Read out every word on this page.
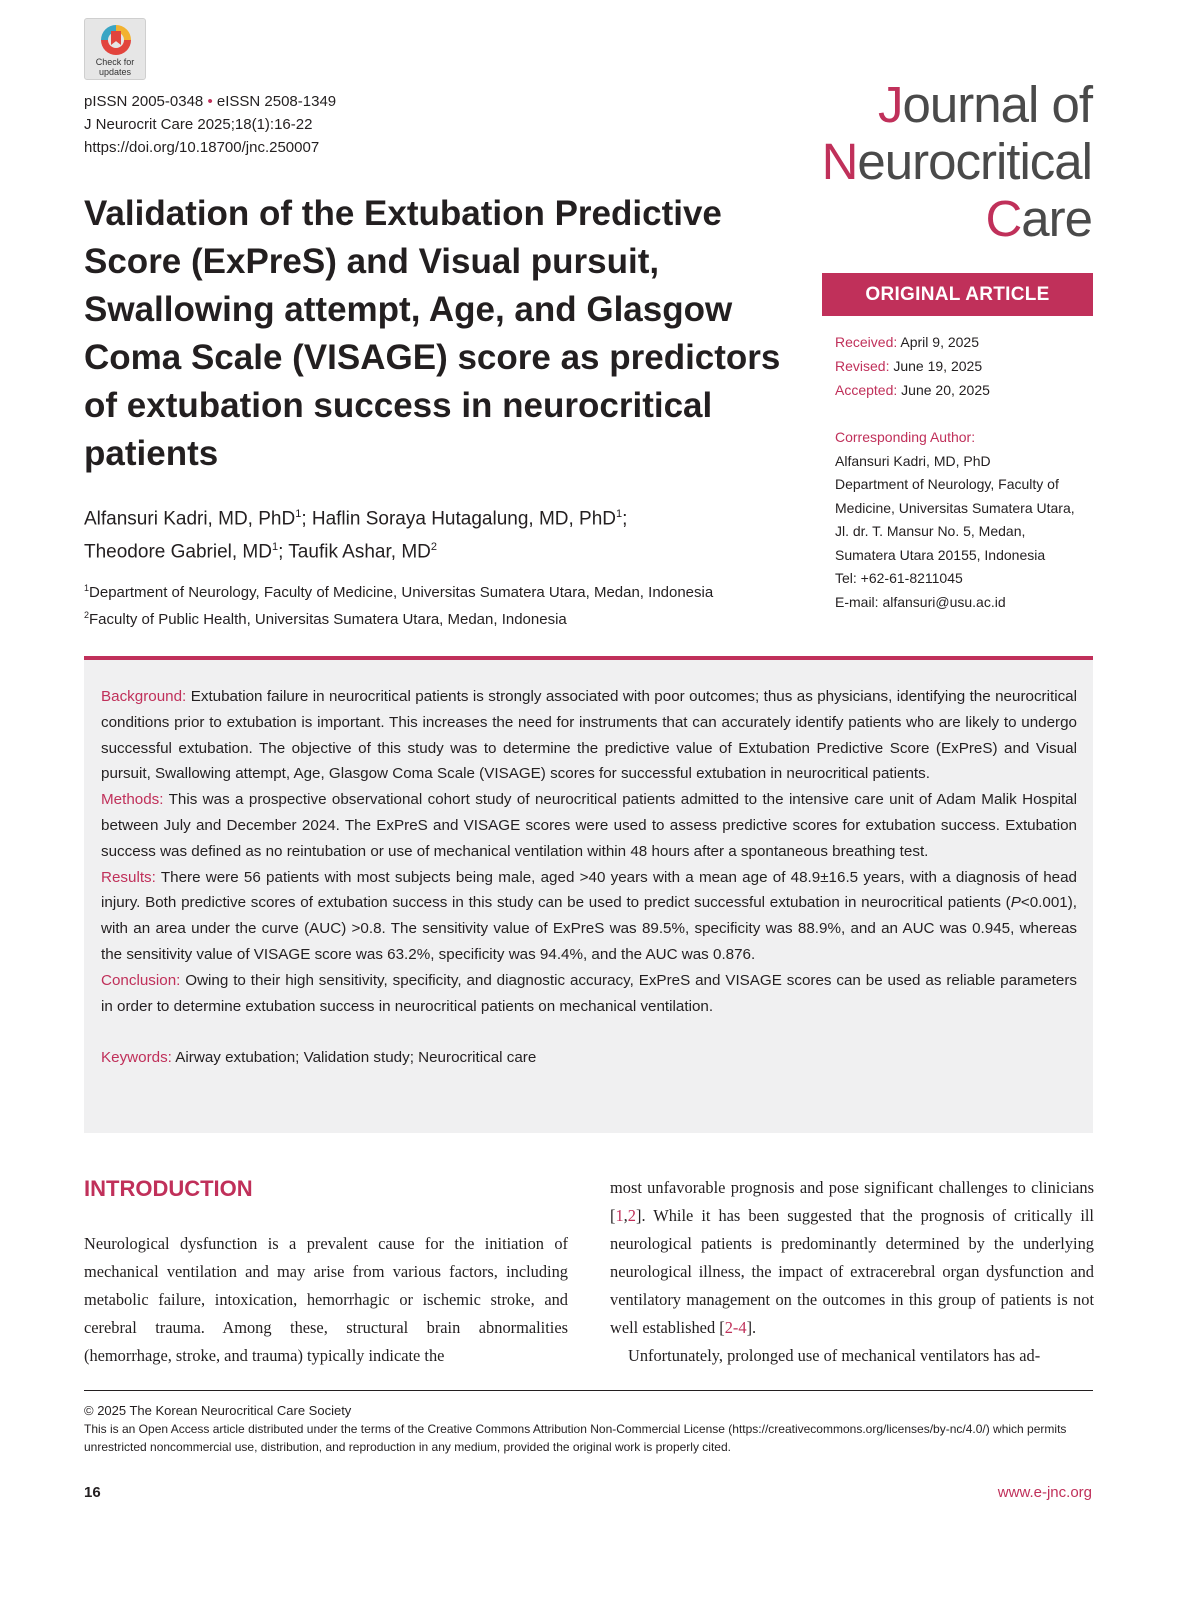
Check for updates
pISSN 2005-0348 • eISSN 2508-1349
J Neurocrit Care 2025;18(1):16-22
https://doi.org/10.18700/jnc.250007
Journal of
Neurocritical
Care
Validation of the Extubation Predictive Score (ExPreS) and Visual pursuit, Swallowing attempt, Age, and Glasgow Coma Scale (VISAGE) score as predictors of extubation success in neurocritical patients
Alfansuri Kadri, MD, PhD$^1$; Haflin Soraya Hutagalung, MD, PhD$^1$;
Theodore Gabriel, $MD^1$; Taufik Ashar, $MD^2$
$^1$Department of Neurology, Faculty of Medicine, Universitas Sumatera Utara, Medan, Indonesia
$^2$Faculty of Public Health, Universitas Sumatera Utara, Medan, Indonesia
ORIGINAL ARTICLE
Received: April 9, 2025
Revised: June 19, 2025
Accepted: June 20, 2025
Corresponding Author:
Alfansuri Kadri, MD, PhD
Department of Neurology, Faculty of
Medicine, Universitas Sumatera Utara,
Jl. dr. T. Mansur No. 5, Medan,
Sumatera Utara 20155, Indonesia
Tel: +62-61-8211045
E-mail: alfansuri@usu.ac.id

Background: Extubation failure in neurocritical patients is strongly associated with poor outcomes; thus as physicians, identifying the neurocritical conditions prior to extubation is important. This increases the need for instruments that can accurately identify patients who are likely to undergo successful extubation. The objective of this study was to determine the predictive value of Extubation Predictive Score (ExPreS) and Visual pursuit, Swallowing attempt, Age, Glasgow Coma Scale (VISAGE) scores for successful extubation in neurocritical patients.

Methods: This was a prospective observational cohort study of neurocritical patients admitted to the intensive care unit of Adam Malik Hospital between July and December 2024. The ExPreS and VISAGE scores were used to assess predictive scores for extubation success. Extubation success was defined as no reintubation or use of mechanical ventilation within 48 hours after a spontaneous breathing test.

Results: There were 56 patients with most subjects being male, aged >40 years with a mean age of 48.9±16.5 years, with a diagnosis of head injury. Both predictive scores of extubation success in this study can be used to predict successful extubation in neurocritical patients (P<0.001), with an area under the curve (AUC) >0.8. The sensitivity value of ExPreS was 89.5%, specificity was 88.9%, and an AUC was 0.945, whereas the sensitivity value of VISAGE score was 63.2%, specificity was 94.4%, and the AUC was 0.876.

Conclusion: Owing to their high sensitivity, specificity, and diagnostic accuracy, ExPreS and VISAGE scores can be used as reliable parameters in order to determine extubation success in neurocritical patients on mechanical ventilation.

Keywords: Airway extubation; Validation study; Neurocritical care

INTRODUCTION

Neurological dysfunction is a prevalent cause for the initiation of mechanical ventilation and may arise from various factors, including metabolic failure, intoxication, hemorrhagic or ischemic stroke, and cerebral trauma. Among these, structural brain abnormalities (hemorrhage, stroke, and trauma) typically indicate the

most unfavorable prognosis and pose significant challenges to clinicians [1,2]. While it has been suggested that the prognosis of critically ill neurological patients is predominantly determined by the underlying neurological illness, the impact of extracerebral organ dysfunction and ventilatory management on the outcomes in this group of patients is not well established [2-4].

Unfortunately, prolonged use of mechanical ventilators has ad-

© 2025 The Korean Neurocritical Care Society
This is an Open Access article distributed under the terms of the Creative Commons Attribution Non-Commercial License (https://creativecommons.org/licenses/by-nc/4.0/) which permits unrestricted noncommercial use, distribution, and reproduction in any medium, provided the original work is properly cited.
16	www.e-jnc.org
